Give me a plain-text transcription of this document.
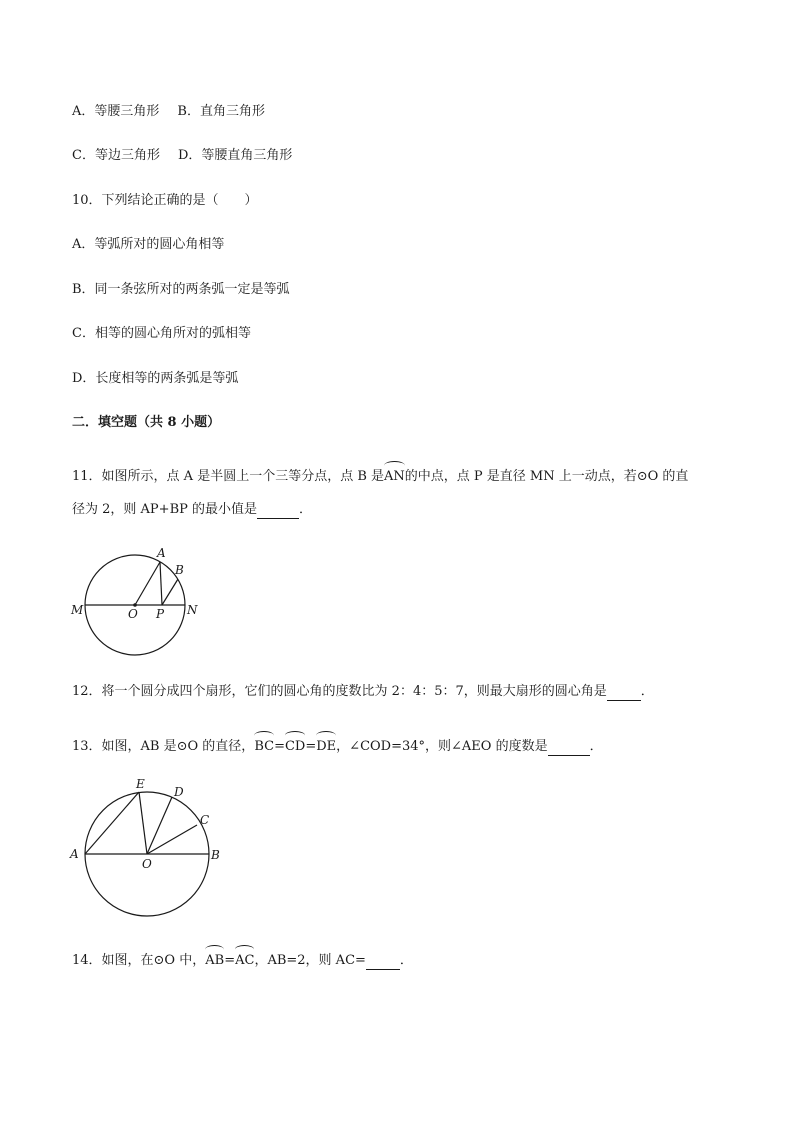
A．等腰三角形 B．直角三角形
C．等边三角形 D．等腰直角三角形
10．下列结论正确的是（　　）
A．等弧所对的圆心角相等
B．同一条弦所对的两条弧一定是等弧
C．相等的圆心角所对的弧相等
D．长度相等的两条弧是等弧
二．填空题（共 8 小题）
11．如图所示，点 A 是半圆上一个三等分点，点 B 是AN的中点，点 P 是直径 MN 上一动点，若⊙O 的直
径为 2，则 AP+BP 的最小值是	．
M	N
O P
A
B
12．将一个圆分成四个扇形，它们的圆心角的度数比为 2：4：5：7，则最大扇形的圆心角是	．
13．如图，AB 是⊙O 的直径，BC=CD=DE，∠COD=34°，则∠AEO 的度数是	．
A	B
C
D
E
O
14．如图，在⊙O 中，AB=AC，AB=2，则 AC=	．
